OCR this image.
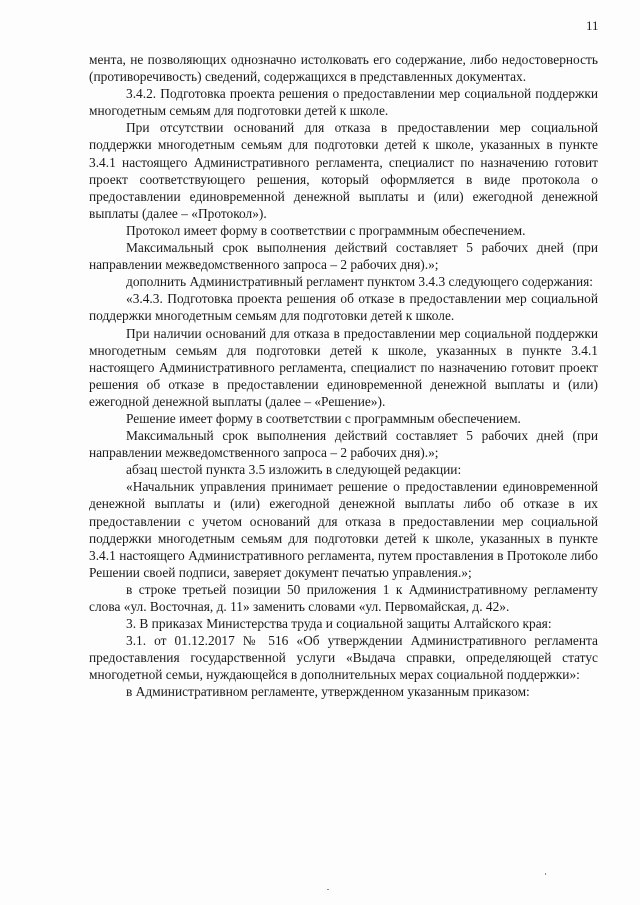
11

мента, не позволяющих однозначно истолковать его содержание, либо недостоверность (противоречивость) сведений, содержащихся в представленных документах.

3.4.2. Подготовка проекта решения о предоставлении мер социальной поддержки многодетным семьям для подготовки детей к школе.

При отсутствии оснований для отказа в предоставлении мер социальной поддержки многодетным семьям для подготовки детей к школе, указанных в пункте 3.4.1 настоящего Административного регламента, специалист по назначению готовит проект соответствующего решения, который оформляется в виде протокола о предоставлении единовременной денежной выплаты и (или) ежегодной денежной выплаты (далее – «Протокол»).

Протокол имеет форму в соответствии с программным обеспечением.

Максимальный срок выполнения действий составляет 5 рабочих дней (при направлении межведомственного запроса – 2 рабочих дня).»;

дополнить Административный регламент пунктом 3.4.3 следующего содержания:

«3.4.3. Подготовка проекта решения об отказе в предоставлении мер социальной поддержки многодетным семьям для подготовки детей к школе.

При наличии оснований для отказа в предоставлении мер социальной поддержки многодетным семьям для подготовки детей к школе, указанных в пункте 3.4.1 настоящего Административного регламента, специалист по назначению готовит проект решения об отказе в предоставлении единовременной денежной выплаты и (или) ежегодной денежной выплаты (далее – «Решение»).

Решение имеет форму в соответствии с программным обеспечением.

Максимальный срок выполнения действий составляет 5 рабочих дней (при направлении межведомственного запроса – 2 рабочих дня).»;

абзац шестой пункта 3.5 изложить в следующей редакции:

«Начальник управления принимает решение о предоставлении единовременной денежной выплаты и (или) ежегодной денежной выплаты либо об отказе в их предоставлении с учетом оснований для отказа в предоставлении мер социальной поддержки многодетным семьям для подготовки детей к школе, указанных в пункте 3.4.1 настоящего Административного регламента, путем проставления в Протоколе либо Решении своей подписи, заверяет документ печатью управления.»;

в строке третьей позиции 50 приложения 1 к Административному регламенту слова «ул. Восточная, д. 11» заменить словами «ул. Первомайская, д. 42».

3. В приказах Министерства труда и социальной защиты Алтайского края:

3.1. от 01.12.2017 № 516 «Об утверждении Административного регламента предоставления государственной услуги «Выдача справки, определяющей статус многодетной семьи, нуждающейся в дополнительных мерах социальной поддержки»:

в Административном регламенте, утвержденном указанным приказом:
